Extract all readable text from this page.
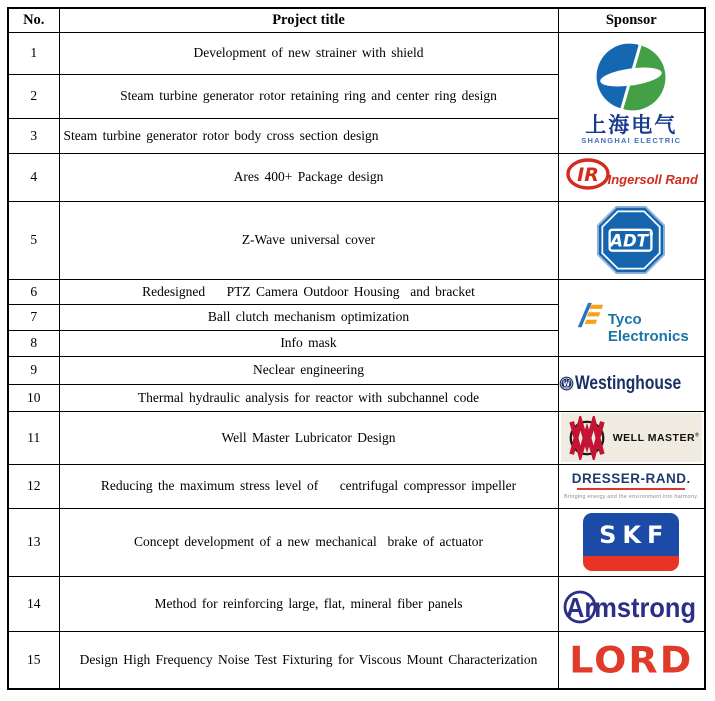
No.	Project title	Sponsor
1	Development of new strainer with shield	上海电气
SHANGHAI ELECTRIC

2	Steam turbine generator rotor retaining ring and center ring design	
3	Steam turbine generator rotor body cross section design	
4	Ares 400+ Package design	IR Ingersoll Rand

5	Z-Wave universal cover	ADT ®

6	Redesigned    PTZ Camera Outdoor Housing  and bracket	Tyco
Electronics

7	Ball clutch mechanism optimization	
8	Info mask	
9	Neclear engineering	W Westinghouse

10	Thermal hydraulic analysis for reactor with subchannel code	
11	Well Master Lubricator Design	WELL MASTER®

12	Reducing the maximum stress level of    centrifugal compressor impeller	DRESSER-RAND.
Bringing energy and the environment into harmony.

13	Concept development of a new mechanical  brake of actuator	SKF

14	Method for reinforcing large, flat, mineral fiber panels	Armstrong

15	Design High Frequency Noise Test Fixturing for Viscous Mount Characterization	LORD
